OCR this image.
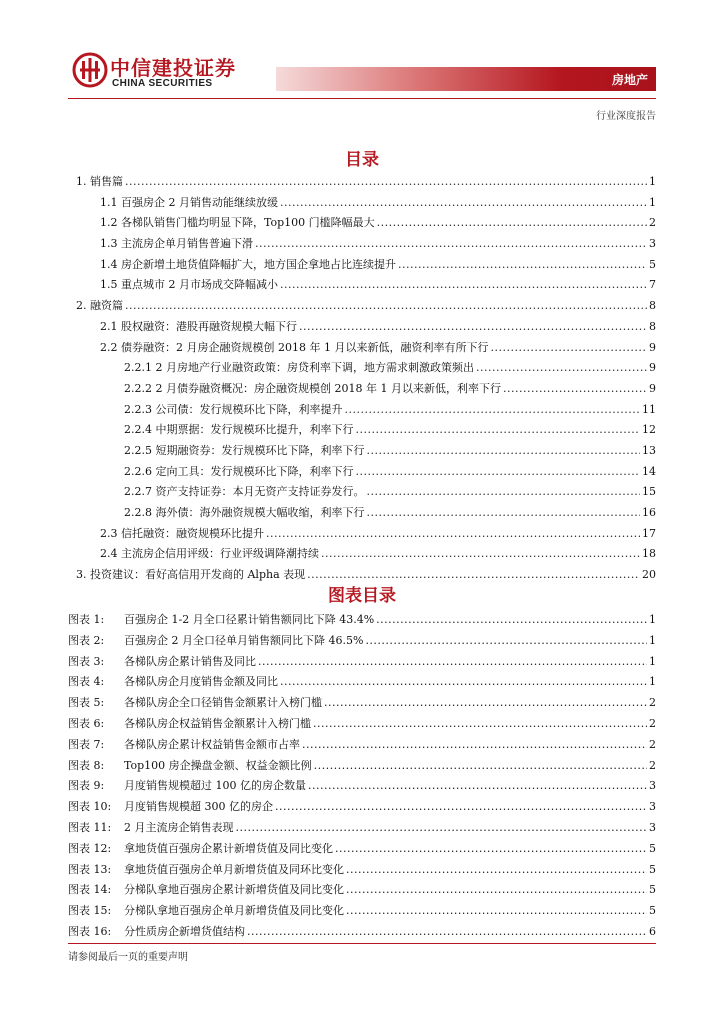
中信建投证券
CHINA SECURITIES	房地产
行业深度报告
目录
1. 销售篇 .....	1
1.1 百强房企 2 月销售动能继续放缓 .....	1
1.2 各梯队销售门槛均明显下降，Top100 门槛降幅最大 .....	2
1.3 主流房企单月销售普遍下滑 .....	3
1.4 房企新增土地货值降幅扩大，地方国企拿地占比连续提升 .....	5
1.5 重点城市 2 月市场成交降幅减小 .....	7
2. 融资篇 .....	8
2.1 股权融资：港股再融资规模大幅下行 .....	8
2.2 债券融资：2 月房企融资规模创 2018 年 1 月以来新低，融资利率有所下行 .....	9
2.2.1 2 月房地产行业融资政策：房贷利率下调，地方需求刺激政策频出 .....	9
2.2.2 2 月债券融资概况：房企融资规模创 2018 年 1 月以来新低，利率下行 .....	9
2.2.3 公司债：发行规模环比下降，利率提升 .....	11
2.2.4 中期票据：发行规模环比提升，利率下行 .....	12
2.2.5 短期融资券：发行规模环比下降，利率下行 .....	13
2.2.6 定向工具：发行规模环比下降，利率下行 .....	14
2.2.7 资产支持证券：本月无资产支持证券发行。 .....	15
2.2.8 海外债：海外融资规模大幅收缩，利率下行 .....	16
2.3 信托融资：融资规模环比提升 .....	17
2.4 主流房企信用评级：行业评级调降潮持续 .....	18
3. 投资建议：看好高信用开发商的 Alpha 表现 .....	20
图表目录
图表 1:	百强房企 1-2 月全口径累计销售额同比下降 43.4% .....	1
图表 2:	百强房企 2 月全口径单月销售额同比下降 46.5% .....	1
图表 3:	各梯队房企累计销售及同比 .....	1
图表 4:	各梯队房企月度销售金额及同比 .....	1
图表 5:	各梯队房企全口径销售金额累计入榜门槛 .....	2
图表 6:	各梯队房企权益销售金额累计入榜门槛 .....	2
图表 7:	各梯队房企累计权益销售金额市占率 .....	2
图表 8:	Top100 房企操盘金额、权益金额比例 .....	2
图表 9:	月度销售规模超过 100 亿的房企数量 .....	3
图表 10:	月度销售规模超 300 亿的房企 .....	3
图表 11:	2 月主流房企销售表现 .....	3
图表 12:	拿地货值百强房企累计新增货值及同比变化 .....	5
图表 13:	拿地货值百强房企单月新增货值及同环比变化 .....	5
图表 14:	分梯队拿地百强房企累计新增货值及同比变化 .....	5
图表 15:	分梯队拿地百强房企单月新增货值及同比变化 .....	5
图表 16:	分性质房企新增货值结构 .....	6
请参阅最后一页的重要声明
